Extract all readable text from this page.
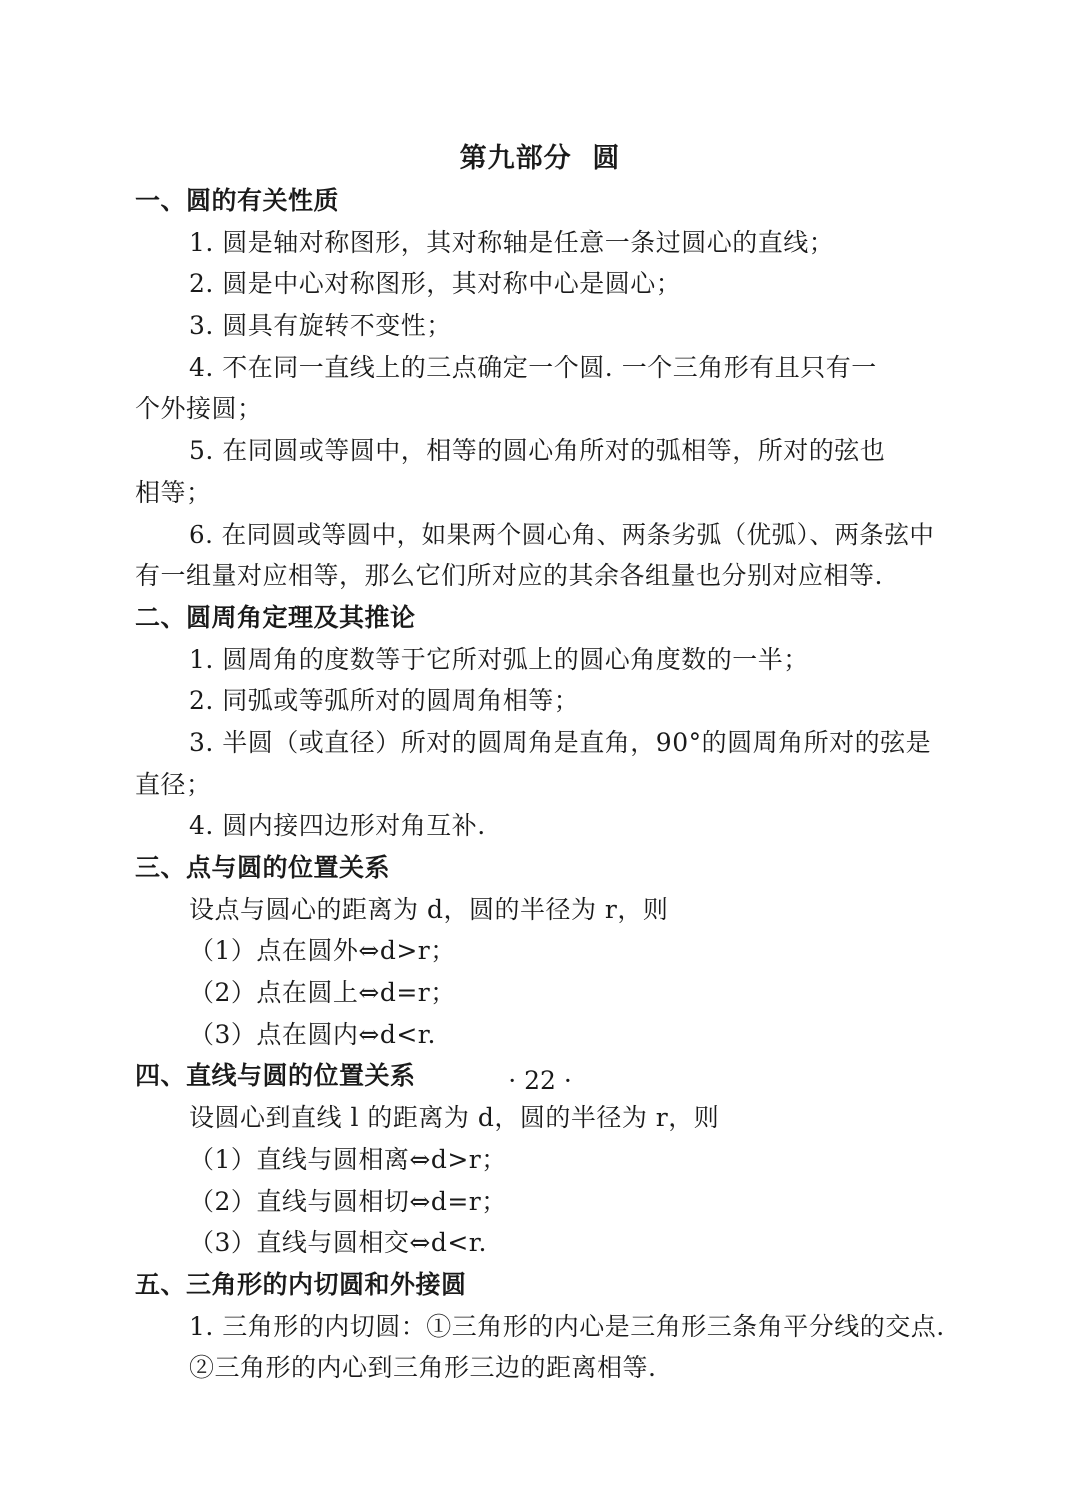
第九部分  圆
一、圆的有关性质
1. 圆是轴对称图形，其对称轴是任意一条过圆心的直线；
2. 圆是中心对称图形，其对称中心是圆心；
3. 圆具有旋转不变性；
4. 不在同一直线上的三点确定一个圆. 一个三角形有且只有一
个外接圆；
5. 在同圆或等圆中，相等的圆心角所对的弧相等，所对的弦也
相等；
6. 在同圆或等圆中，如果两个圆心角、两条劣弧（优弧）、两条弦中
有一组量对应相等，那么它们所对应的其余各组量也分别对应相等.
二、圆周角定理及其推论
1. 圆周角的度数等于它所对弧上的圆心角度数的一半；
2. 同弧或等弧所对的圆周角相等；
3. 半圆（或直径）所对的圆周角是直角，90°的圆周角所对的弦是
直径；
4. 圆内接四边形对角互补.
三、点与圆的位置关系
设点与圆心的距离为 d，圆的半径为 r，则
（1）点在圆外⇔d>r；
（2）点在圆上⇔d=r；
（3）点在圆内⇔d<r.
四、直线与圆的位置关系
设圆心到直线 l 的距离为 d，圆的半径为 r，则
（1）直线与圆相离⇔d>r；
（2）直线与圆相切⇔d=r；
（3）直线与圆相交⇔d<r.
五、三角形的内切圆和外接圆
1. 三角形的内切圆：①三角形的内心是三角形三条角平分线的交点.
②三角形的内心到三角形三边的距离相等.
· 22 ·
